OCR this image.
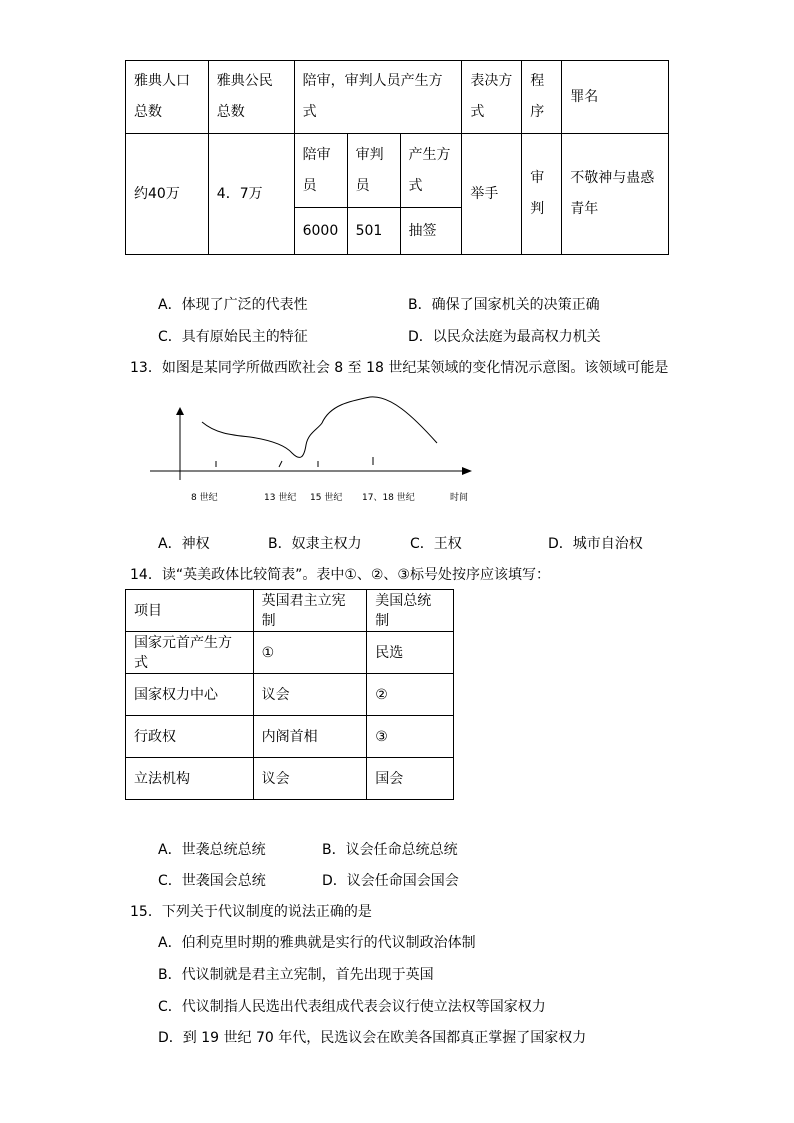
雅典人口总数	雅典公民总数	陪审，审判人员产生方式			表决方式	程序	罪名
约40万	4．7万	陪审员	审判员	产生方式	举手	审判	不敬神与蛊惑青年
		6000	501	抽签			
A．体现了广泛的代表性	B．确保了国家机关的决策正确
C．具有原始民主的特征	D．以民众法庭为最高权力机关
13．如图是某同学所做西欧社会 8 至 18 世纪某领域的变化情况示意图。该领域可能是
8 世纪	13 世纪 15 世纪 17、18 世纪	时间
A．神权	B．奴隶主权力	C．王权	D．城市自治权
14．读“英美政体比较简表”。表中①、②、③标号处按序应该填写：
项目	英国君主立宪制	美国总统制
国家元首产生方式	①	民选
国家权力中心	议会	②
行政权	内阁首相	③
立法机构	议会	国会
A．世袭总统总统	B．议会任命总统总统
C．世袭国会总统	D．议会任命国会国会
15．下列关于代议制度的说法正确的是
A．伯利克里时期的雅典就是实行的代议制政治体制
B．代议制就是君主立宪制，首先出现于英国
C．代议制指人民选出代表组成代表会议行使立法权等国家权力
D．到 19 世纪 70 年代，民选议会在欧美各国都真正掌握了国家权力
